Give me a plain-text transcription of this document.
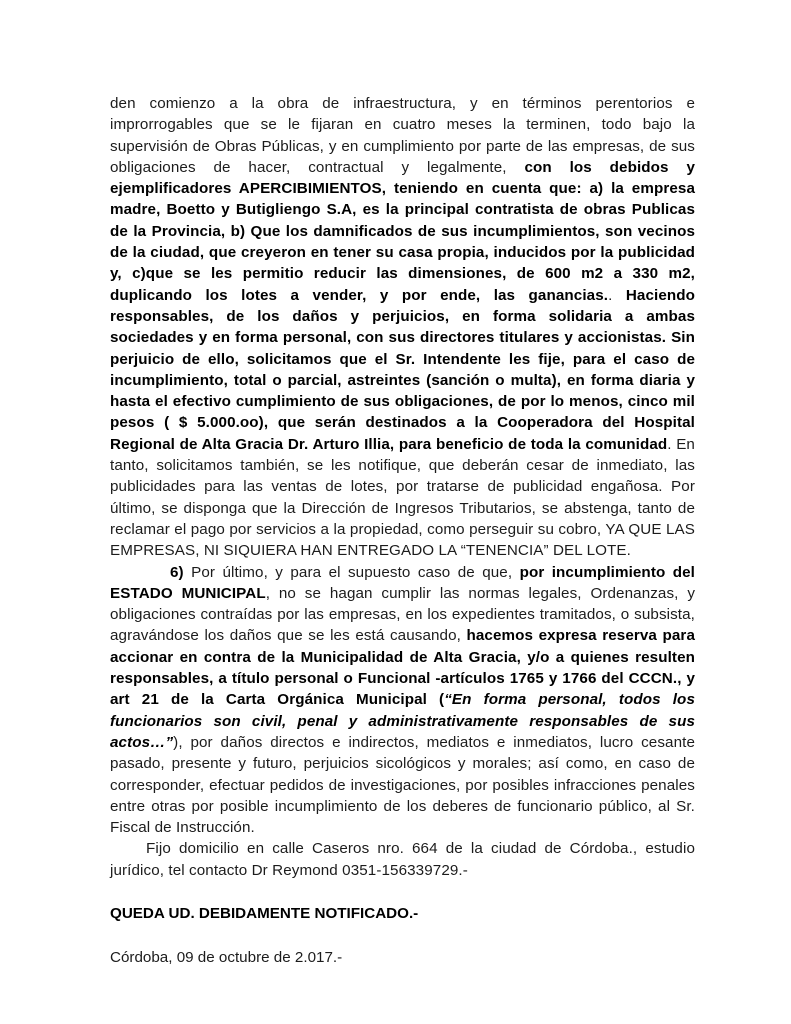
den comienzo a la obra de infraestructura, y en términos perentorios e improrrogables que se le fijaran en cuatro meses la terminen, todo bajo la supervisión de Obras Públicas, y en cumplimiento por parte de las empresas, de sus obligaciones de hacer, contractual y legalmente, con los debidos y ejemplificadores APERCIBIMIENTOS, teniendo en cuenta que: a) la empresa madre, Boetto y Butigliengo S.A, es la principal contratista de obras Publicas de la Provincia, b) Que los damnificados de sus incumplimientos, son vecinos de la ciudad, que creyeron en tener su casa propia, inducidos por la publicidad y, c)que se les permitio reducir las dimensiones, de 600 m2 a 330 m2, duplicando los lotes a vender, y por ende, las ganancias.. Haciendo responsables, de los daños y perjuicios, en forma solidaria a ambas sociedades y en forma personal, con sus directores titulares y accionistas. Sin perjuicio de ello, solicitamos que el Sr. Intendente les fije, para el caso de incumplimiento, total o parcial, astreintes (sanción o multa), en forma diaria y hasta el efectivo cumplimiento de sus obligaciones, de por lo menos, cinco mil pesos ( $ 5.000.oo), que serán destinados a la Cooperadora del Hospital Regional de Alta Gracia Dr. Arturo Illia, para beneficio de toda la comunidad. En tanto, solicitamos también, se les notifique, que deberán cesar de inmediato, las publicidades para las ventas de lotes, por tratarse de publicidad engañosa. Por último, se disponga que la Dirección de Ingresos Tributarios, se abstenga, tanto de reclamar el pago por servicios a la propiedad, como perseguir su cobro, YA QUE LAS EMPRESAS, NI SIQUIERA HAN ENTREGADO LA “TENENCIA” DEL LOTE.

6) Por último, y para el supuesto caso de que, por incumplimiento del ESTADO MUNICIPAL, no se hagan cumplir las normas legales, Ordenanzas, y obligaciones contraídas por las empresas, en los expedientes tramitados, o subsista, agravándose los daños que se les está causando, hacemos expresa reserva para accionar en contra de la Municipalidad de Alta Gracia, y/o a quienes resulten responsables, a título personal o Funcional -artículos 1765 y 1766 del CCCN., y art 21 de la Carta Orgánica Municipal (“En forma personal, todos los funcionarios son civil, penal y administrativamente responsables de sus actos…”), por daños directos e indirectos, mediatos e inmediatos, lucro cesante pasado, presente y futuro, perjuicios sicológicos y morales; así como, en caso de corresponder, efectuar pedidos de investigaciones, por posibles infracciones penales entre otras por posible incumplimiento de los deberes de funcionario público, al Sr. Fiscal de Instrucción.

Fijo domicilio en calle Caseros nro. 664 de la ciudad de Córdoba., estudio jurídico, tel contacto Dr Reymond 0351-156339729.-

QUEDA UD. DEBIDAMENTE NOTIFICADO.-

Córdoba, 09 de octubre de 2.017.-
